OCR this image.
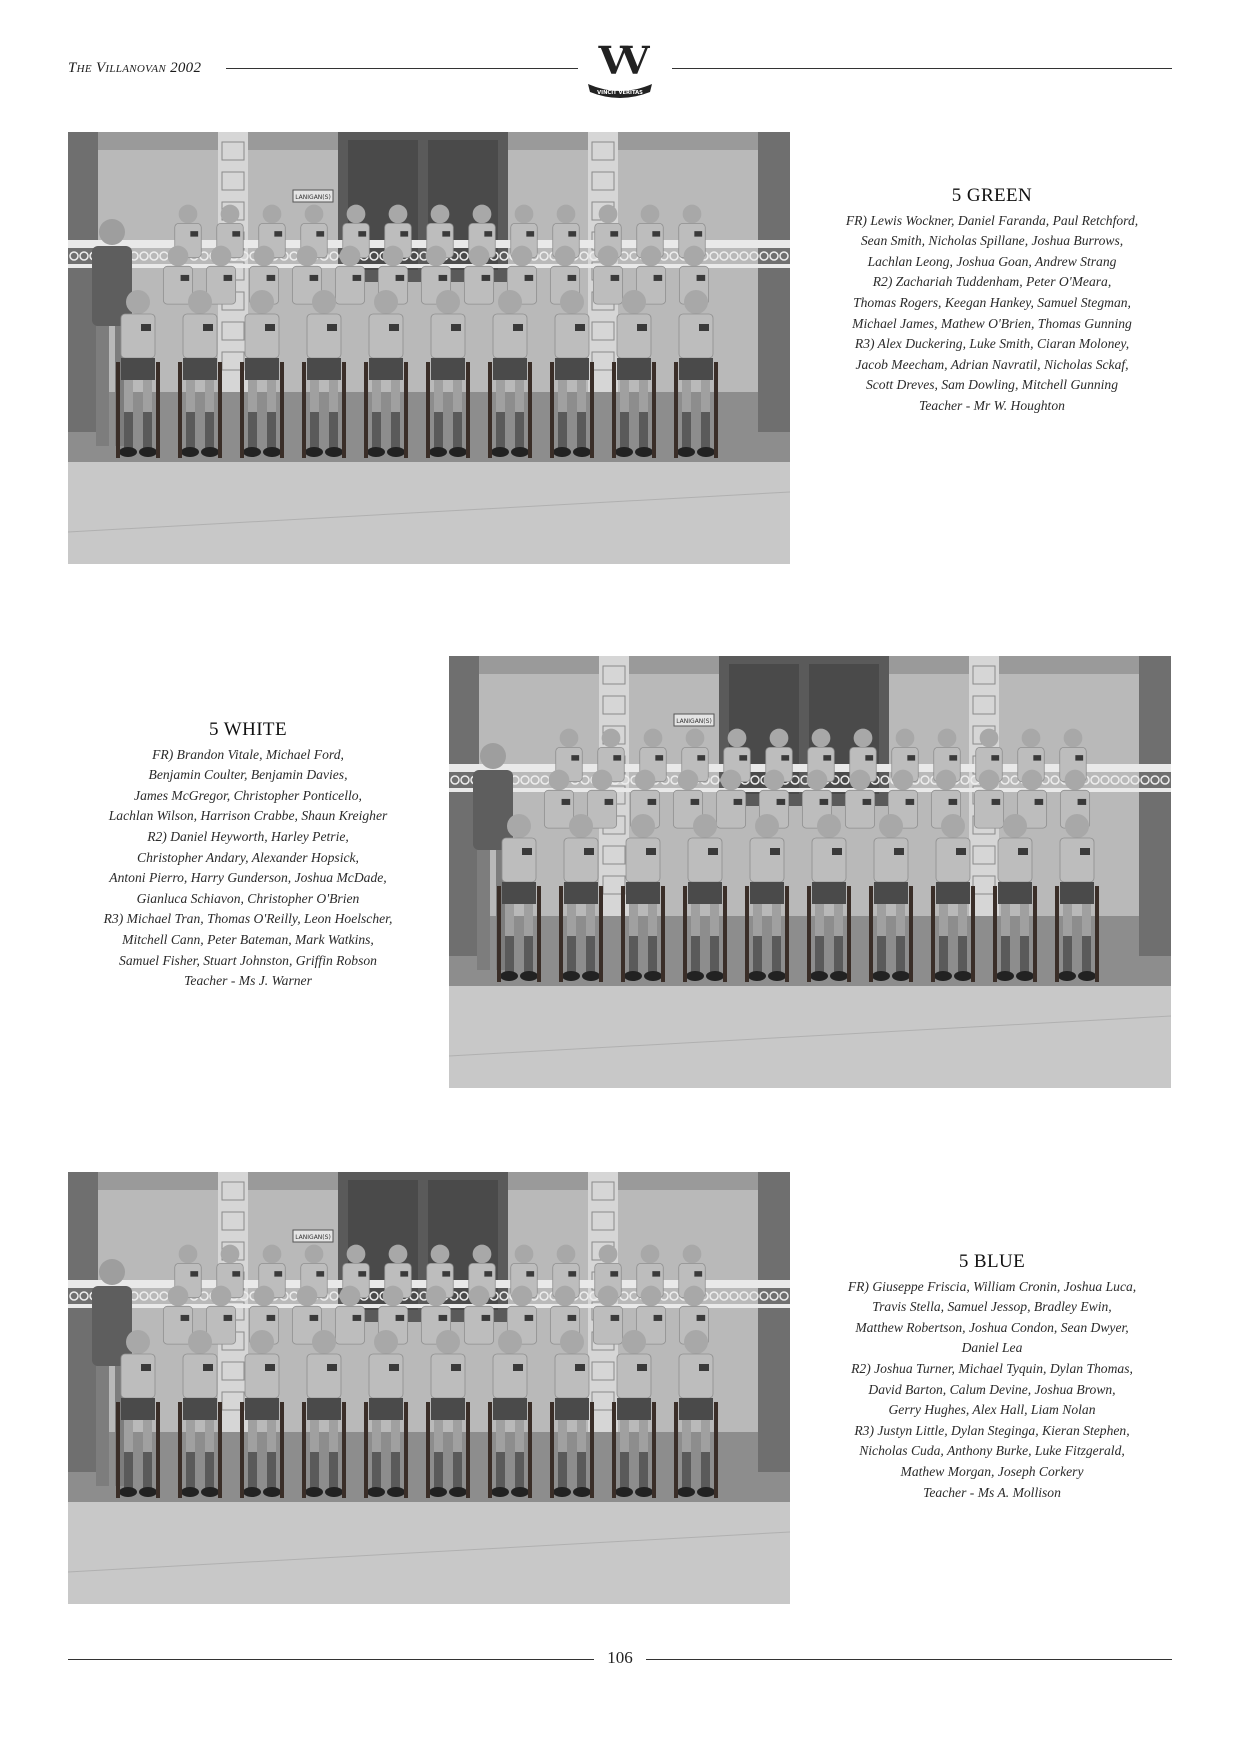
The Villanovan 2002	VV
VINCIT VERITAS
LANIGAN(S)	5 GREEN
FR) Lewis Wockner, Daniel Faranda, Paul Retchford,
Sean Smith, Nicholas Spillane, Joshua Burrows,
Lachlan Leong, Joshua Goan, Andrew Strang
R2) Zachariah Tuddenham, Peter O'Meara,
Thomas Rogers, Keegan Hankey, Samuel Stegman,
Michael James, Mathew O'Brien, Thomas Gunning
R3) Alex Duckering, Luke Smith, Ciaran Moloney,
Jacob Meecham, Adrian Navratil, Nicholas Sckaf,
Scott Dreves, Sam Dowling, Mitchell Gunning
Teacher - Mr W. Houghton
5 WHITE
FR) Brandon Vitale, Michael Ford,
Benjamin Coulter, Benjamin Davies,
James McGregor, Christopher Ponticello,
Lachlan Wilson, Harrison Crabbe, Shaun Kreigher
R2) Daniel Heyworth, Harley Petrie,
Christopher Andary, Alexander Hopsick,
Antoni Pierro, Harry Gunderson, Joshua McDade,
Gianluca Schiavon, Christopher O'Brien
R3) Michael Tran, Thomas O'Reilly, Leon Hoelscher,
Mitchell Cann, Peter Bateman, Mark Watkins,
Samuel Fisher, Stuart Johnston, Griffin Robson
Teacher - Ms J. Warner
LANIGAN(S)
LANIGAN(S)
5 BLUE
FR) Giuseppe Friscia, William Cronin, Joshua Luca,
Travis Stella, Samuel Jessop, Bradley Ewin,
Matthew Robertson, Joshua Condon, Sean Dwyer,
Daniel Lea
R2) Joshua Turner, Michael Tyquin, Dylan Thomas,
David Barton, Calum Devine, Joshua Brown,
Gerry Hughes, Alex Hall, Liam Nolan
R3) Justyn Little, Dylan Steginga, Kieran Stephen,
Nicholas Cuda, Anthony Burke, Luke Fitzgerald,
Mathew Morgan, Joseph Corkery
Teacher - Ms A. Mollison
106
